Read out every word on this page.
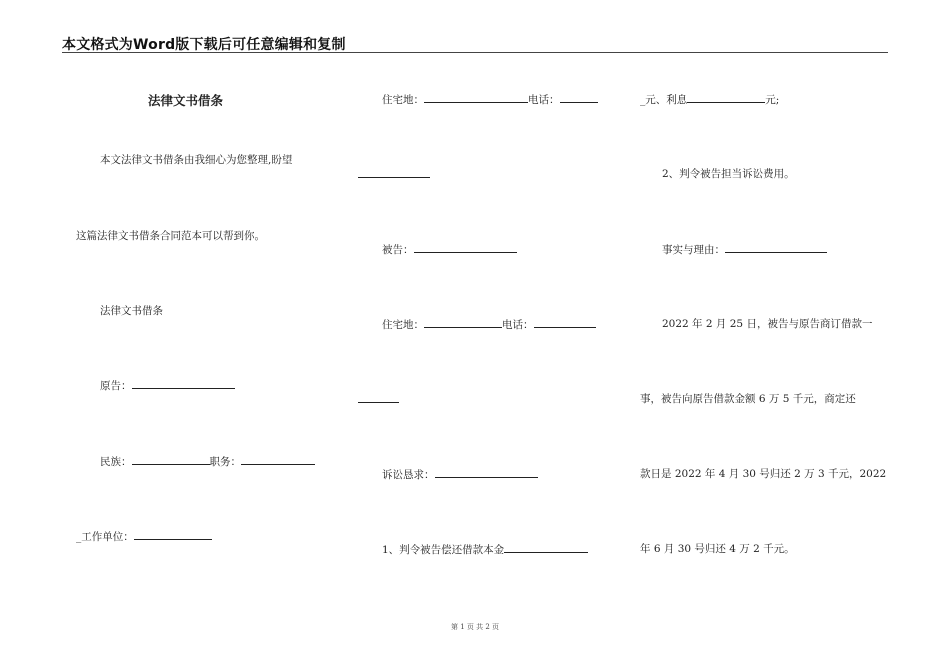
本文格式为Word版下载后可任意编辑和复制
法律文书借条
本文法律文书借条由我细心为您整理,盼望
这篇法律文书借条合同范本可以帮到你。
法律文书借条
原告：
民族：	职务：
_工作单位：
住宅地：	电话：
被告：
住宅地：	电话：
诉讼恳求：
1、判令被告偿还借款本金
_元、利息	元;
2、判令被告担当诉讼费用。
事实与理由：
2022 年 2 月 25 日，被告与原告商订借款一
事，被告向原告借款金额 6 万 5 千元，商定还
款日是 2022 年 4 月 30 号归还 2 万 3 千元，2022
年 6 月 30 号归还 4 万 2 千元。
第 1 页 共 2 页
